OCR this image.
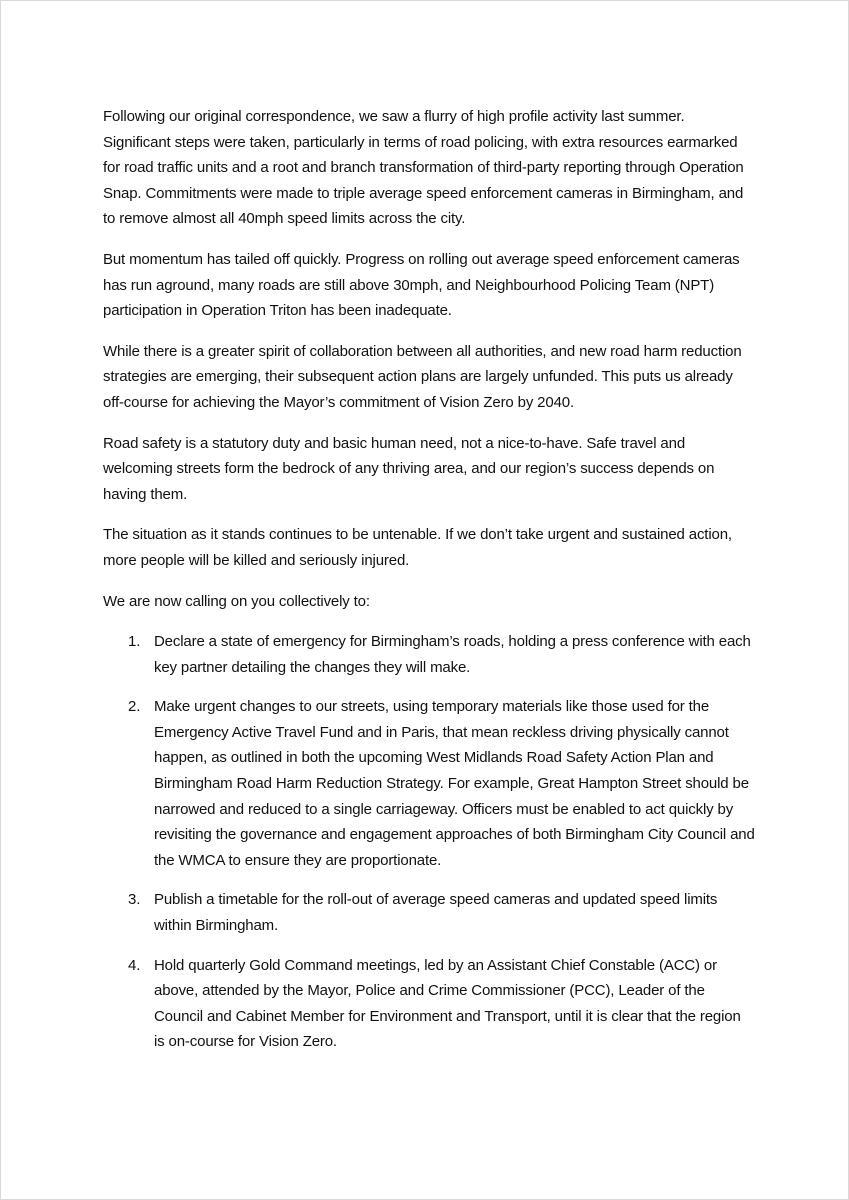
Following our original correspondence, we saw a flurry of high profile activity last summer. Significant steps were taken, particularly in terms of road policing, with extra resources earmarked for road traffic units and a root and branch transformation of third-party reporting through Operation Snap. Commitments were made to triple average speed enforcement cameras in Birmingham, and to remove almost all 40mph speed limits across the city.

But momentum has tailed off quickly. Progress on rolling out average speed enforcement cameras has run aground, many roads are still above 30mph, and Neighbourhood Policing Team (NPT) participation in Operation Triton has been inadequate.

While there is a greater spirit of collaboration between all authorities, and new road harm reduction strategies are emerging, their subsequent action plans are largely unfunded. This puts us already off-course for achieving the Mayor’s commitment of Vision Zero by 2040.

Road safety is a statutory duty and basic human need, not a nice-to-have. Safe travel and welcoming streets form the bedrock of any thriving area, and our region’s success depends on having them.

The situation as it stands continues to be untenable. If we don’t take urgent and sustained action, more people will be killed and seriously injured.

We are now calling on you collectively to:

1. Declare a state of emergency for Birmingham’s roads, holding a press conference with each key partner detailing the changes they will make.
2. Make urgent changes to our streets, using temporary materials like those used for the Emergency Active Travel Fund and in Paris, that mean reckless driving physically cannot happen, as outlined in both the upcoming West Midlands Road Safety Action Plan and Birmingham Road Harm Reduction Strategy. For example, Great Hampton Street should be narrowed and reduced to a single carriageway. Officers must be enabled to act quickly by revisiting the governance and engagement approaches of both Birmingham City Council and the WMCA to ensure they are proportionate.
3. Publish a timetable for the roll-out of average speed cameras and updated speed limits within Birmingham.
4. Hold quarterly Gold Command meetings, led by an Assistant Chief Constable (ACC) or above, attended by the Mayor, Police and Crime Commissioner (PCC), Leader of the Council and Cabinet Member for Environment and Transport, until it is clear that the region is on-course for Vision Zero.
